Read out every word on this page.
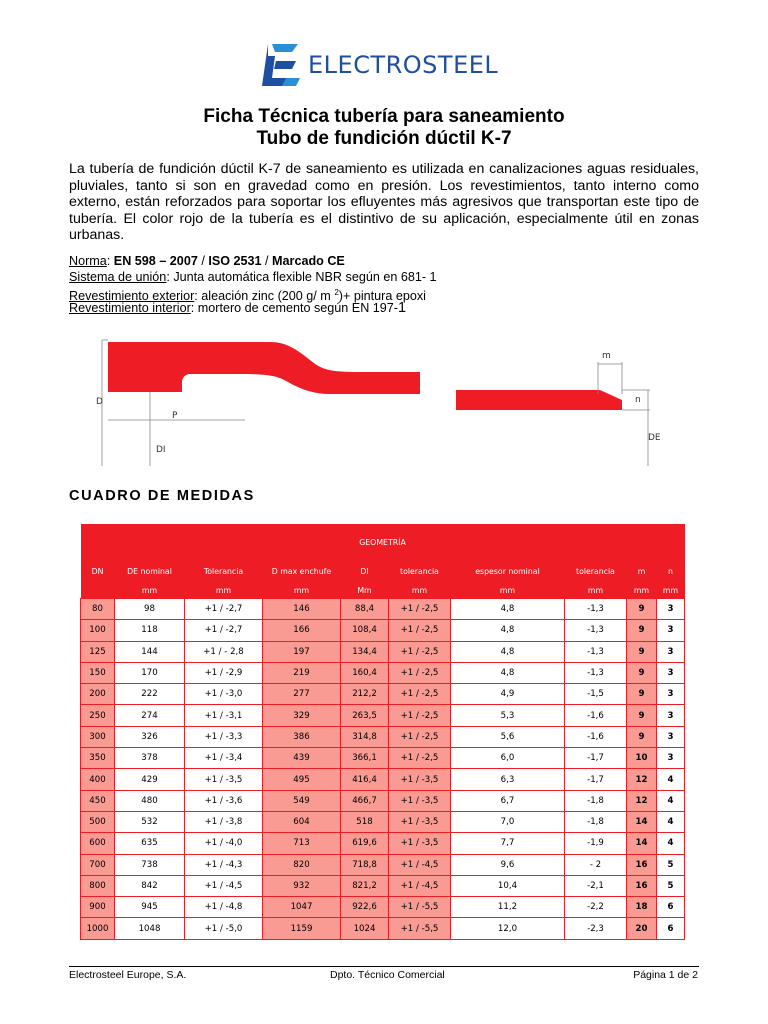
ELECTROSTEEL
Ficha Técnica tubería para saneamiento
Tubo de fundición dúctil K-7
La tubería de fundición dúctil K-7 de saneamiento es utilizada en canalizaciones aguas residuales, pluviales, tanto si son en gravedad como en presión. Los revestimientos, tanto interno como externo, están reforzados para soportar los efluyentes más agresivos que transportan este tipo de tubería. El color rojo de la tubería es el distintivo de su aplicación, especialmente útil en zonas urbanas.
Norma: EN 598 – 2007 / ISO 2531 / Marcado CE
Sistema de unión: Junta automática flexible NBR según en 681- 1
Revestimiento exterior: aleación zinc (200 g/ m $^2$)+ pintura epoxi
Revestimiento interior: mortero de cemento según EN 197-1
D
P
DI
m
n
DE
CUADRO DE MEDIDAS
GEOMETRÍA									
DN	DE nominal	Tolerancia	D max enchufe	DI	tolerancia	espesor nominal	tolerancia	m	n
	mm	mm	mm	Mm	mm	mm	mm	mm	mm
80	98	+1 / -2,7	146	88,4	+1 / -2,5	4,8	-1,3	9	3
100	118	+1 / -2,7	166	108,4	+1 / -2,5	4,8	-1,3	9	3
125	144	+1 / - 2,8	197	134,4	+1 / -2,5	4,8	-1,3	9	3
150	170	+1 / -2,9	219	160,4	+1 / -2,5	4,8	-1,3	9	3
200	222	+1 / -3,0	277	212,2	+1 / -2,5	4,9	-1,5	9	3
250	274	+1 / -3,1	329	263,5	+1 / -2,5	5,3	-1,6	9	3
300	326	+1 / -3,3	386	314,8	+1 / -2,5	5,6	-1,6	9	3
350	378	+1 / -3,4	439	366,1	+1 / -2,5	6,0	-1,7	10	3
400	429	+1 / -3,5	495	416,4	+1 / -3,5	6,3	-1,7	12	4
450	480	+1 / -3,6	549	466,7	+1 / -3,5	6,7	-1,8	12	4
500	532	+1 / -3,8	604	518	+1 / -3,5	7,0	-1,8	14	4
600	635	+1 / -4,0	713	619,6	+1 / -3,5	7,7	-1,9	14	4
700	738	+1 / -4,3	820	718,8	+1 / -4,5	9,6	- 2	16	5
800	842	+1 / -4,5	932	821,2	+1 / -4,5	10,4	-2,1	16	5
900	945	+1 / -4,8	1047	922,6	+1 / -5,5	11,2	-2,2	18	6
1000	1048	+1 / -5,0	1159	1024	+1 / -5,5	12,0	-2,3	20	6
Electrosteel Europe, S.A.	Dpto. Técnico Comercial	Página 1 de 2
